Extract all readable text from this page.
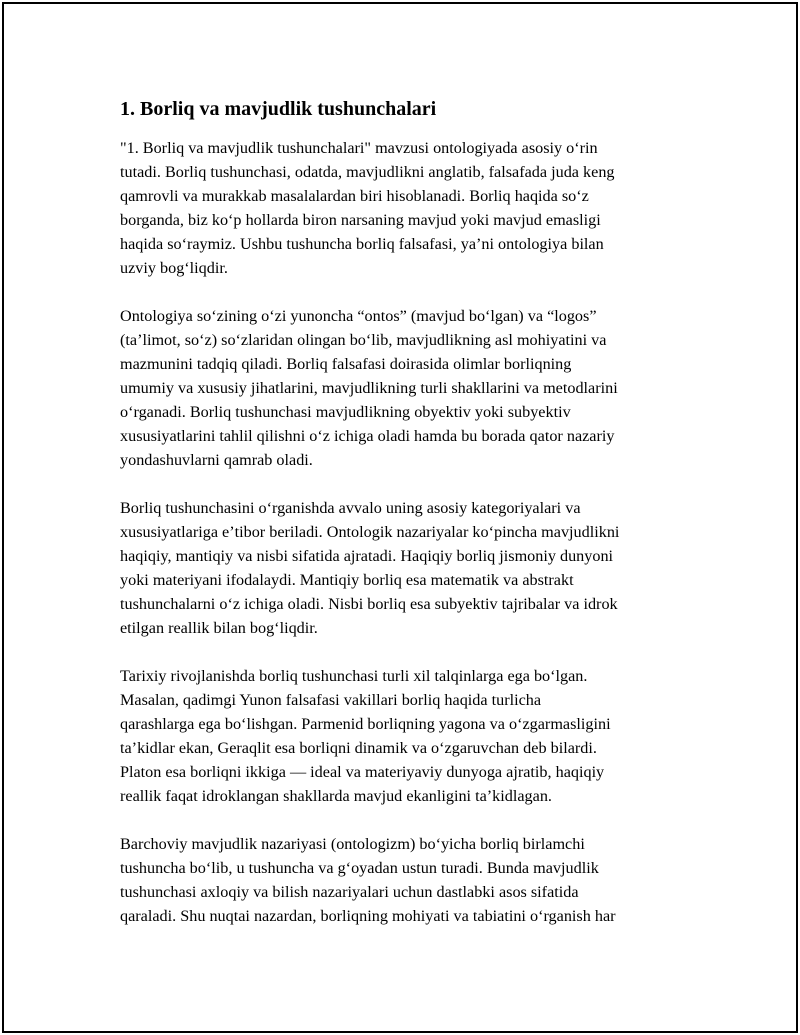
1. Borliq va mavjudlik tushunchalari

"1. Borliq va mavjudlik tushunchalari" mavzusi ontologiyada asosiy oʻrin
tutadi. Borliq tushunchasi, odatda, mavjudlikni anglatib, falsafada juda keng
qamrovli va murakkab masalalardan biri hisoblanadi. Borliq haqida soʻz
borganda, biz koʻp hollarda biron narsaning mavjud yoki mavjud emasligi
haqida soʻraymiz. Ushbu tushuncha borliq falsafasi, yaʼni ontologiya bilan
uzviy bogʻliqdir.

Ontologiya soʻzining oʻzi yunoncha “ontos” (mavjud boʻlgan) va “logos”
(taʼlimot, soʻz) soʻzlaridan olingan boʻlib, mavjudlikning asl mohiyatini va
mazmunini tadqiq qiladi. Borliq falsafasi doirasida olimlar borliqning
umumiy va xususiy jihatlarini, mavjudlikning turli shakllarini va metodlarini
oʻrganadi. Borliq tushunchasi mavjudlikning obyektiv yoki subyektiv
xususiyatlarini tahlil qilishni oʻz ichiga oladi hamda bu borada qator nazariy
yondashuvlarni qamrab oladi.

Borliq tushunchasini oʻrganishda avvalo uning asosiy kategoriyalari va
xususiyatlariga eʼtibor beriladi. Ontologik nazariyalar koʻpincha mavjudlikni
haqiqiy, mantiqiy va nisbi sifatida ajratadi. Haqiqiy borliq jismoniy dunyoni
yoki materiyani ifodalaydi. Mantiqiy borliq esa matematik va abstrakt
tushunchalarni oʻz ichiga oladi. Nisbi borliq esa subyektiv tajribalar va idrok
etilgan reallik bilan bogʻliqdir.

Tarixiy rivojlanishda borliq tushunchasi turli xil talqinlarga ega boʻlgan.
Masalan, qadimgi Yunon falsafasi vakillari borliq haqida turlicha
qarashlarga ega boʻlishgan. Parmenid borliqning yagona va oʻzgarmasligini
taʼkidlar ekan, Geraqlit esa borliqni dinamik va oʻzgaruvchan deb bilardi.
Platon esa borliqni ikkiga — ideal va materiyaviy dunyoga ajratib, haqiqiy
reallik faqat idroklangan shakllarda mavjud ekanligini taʼkidlagan.

Barchoviy mavjudlik nazariyasi (ontologizm) boʻyicha borliq birlamchi
tushuncha boʻlib, u tushuncha va gʻoyadan ustun turadi. Bunda mavjudlik
tushunchasi axloqiy va bilish nazariyalari uchun dastlabki asos sifatida
qaraladi. Shu nuqtai nazardan, borliqning mohiyati va tabiatini oʻrganish har
